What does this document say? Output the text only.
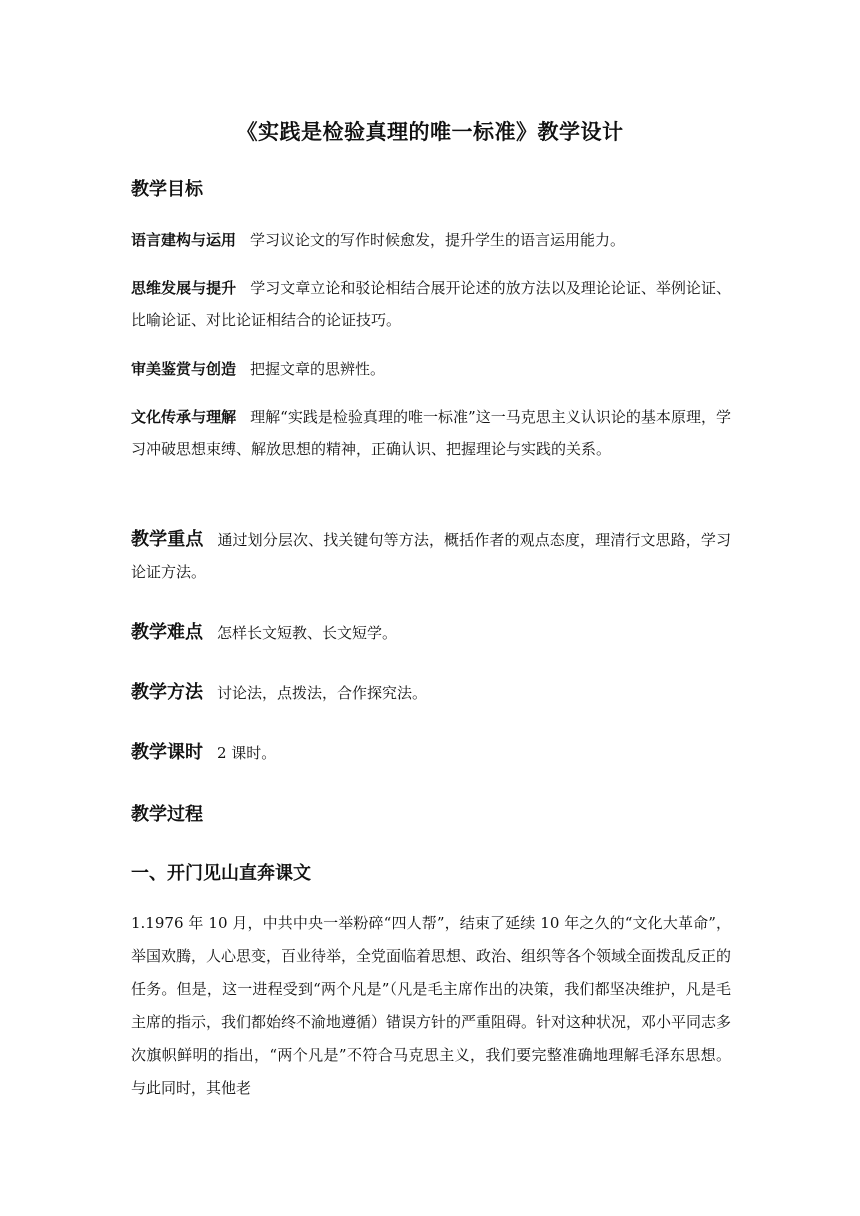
《实践是检验真理的唯一标准》教学设计
教学目标
语言建构与运用 学习议论文的写作时候愈发，提升学生的语言运用能力。
思维发展与提升 学习文章立论和驳论相结合展开论述的放方法以及理论论证、举例论证、比喻论证、对比论证相结合的论证技巧。
审美鉴赏与创造 把握文章的思辨性。
文化传承与理解 理解“实践是检验真理的唯一标准”这一马克思主义认识论的基本原理，学习冲破思想束缚、解放思想的精神，正确认识、把握理论与实践的关系。
教学重点 通过划分层次、找关键句等方法，概括作者的观点态度，理清行文思路，学习论证方法。
教学难点 怎样长文短教、长文短学。
教学方法 讨论法，点拨法，合作探究法。
教学课时 2 课时。
教学过程
一、开门见山直奔课文
1.1976 年 10 月，中共中央一举粉碎“四人帮”，结束了延续 10 年之久的“文化大革命”，举国欢腾，人心思变，百业待举，全党面临着思想、政治、组织等各个领域全面拨乱反正的任务。但是，这一进程受到“两个凡是”（凡是毛主席作出的决策，我们都坚决维护，凡是毛主席的指示，我们都始终不渝地遵循）错误方针的严重阻碍。针对这种状况，邓小平同志多次旗帜鲜明的指出，“两个凡是”不符合马克思主义，我们要完整准确地理解毛泽东思想。与此同时，其他老
